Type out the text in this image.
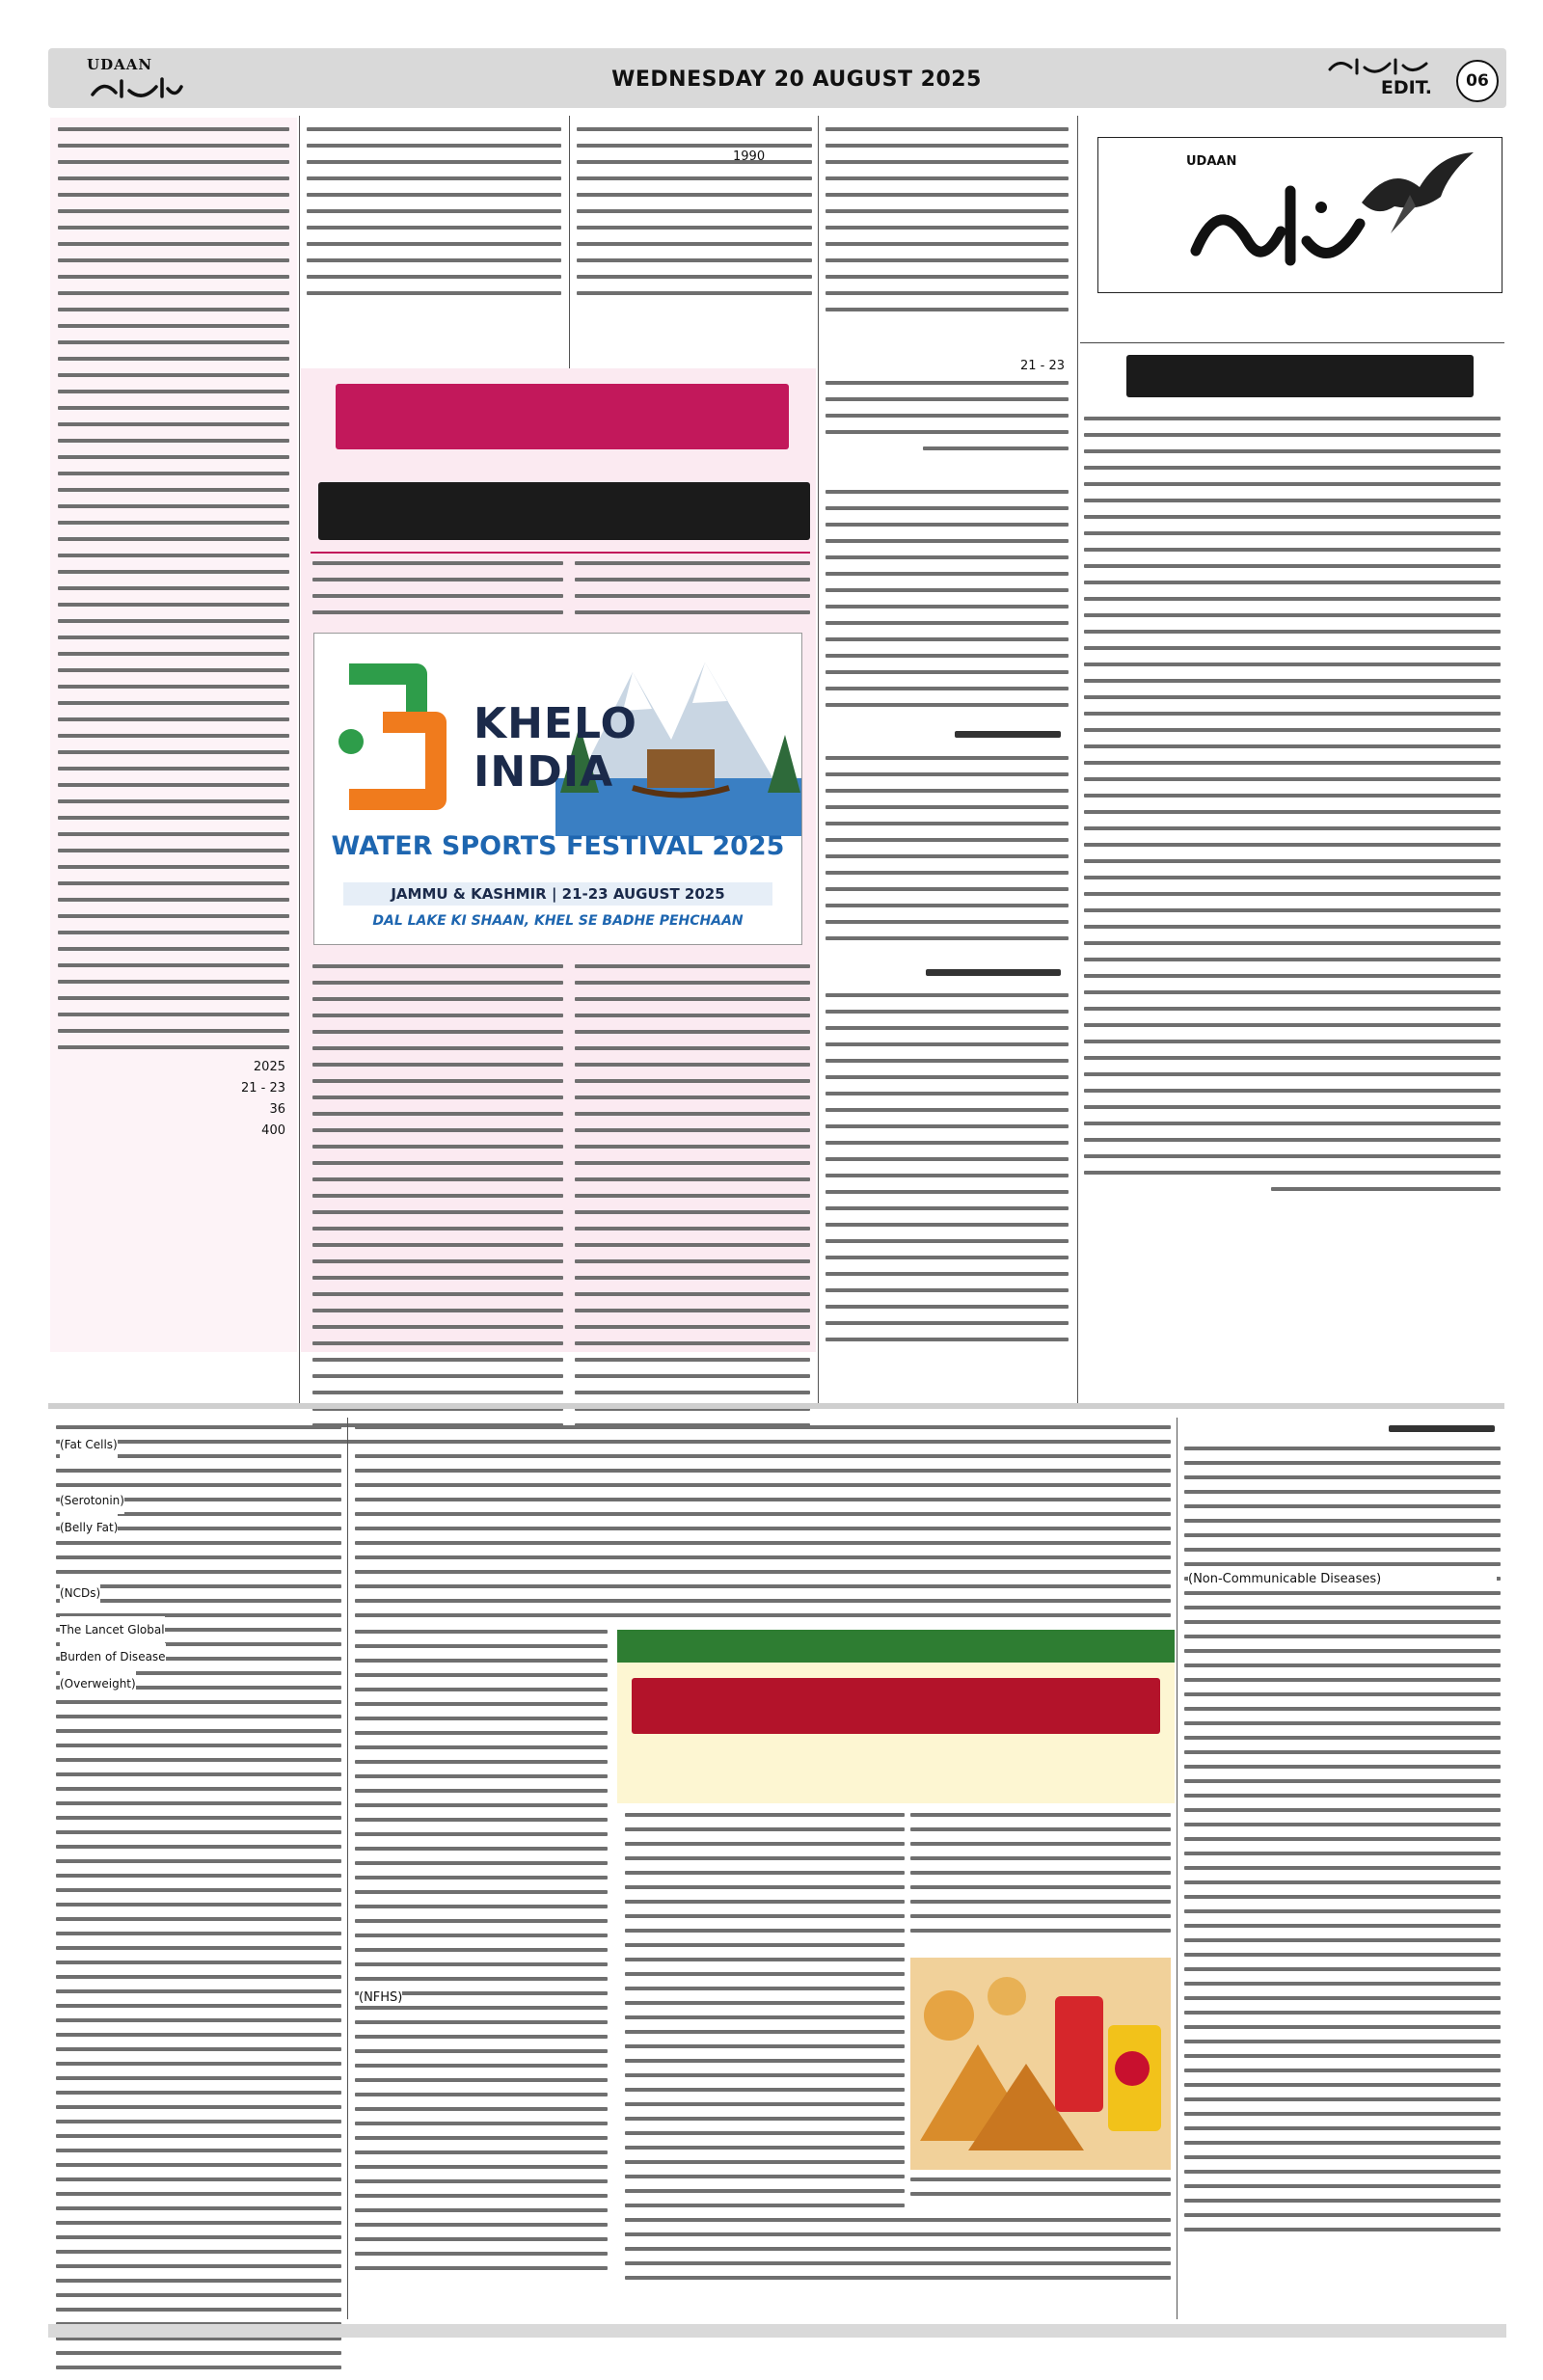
UDAAN
WEDNESDAY 20 AUGUST 2025	EDIT. 06
UDAAN
21 - 23
1990
KHELO
INDIA
WATER SPORTS FESTIVAL 2025
JAMMU & KASHMIR | 21-23 AUGUST 2025
DAL LAKE KI SHAAN, KHEL SE BADHE PEHCHAAN
2025
21 - 23
36
400
(Non-Communicable Diseases)
(NFHS)
(Fat Cells)
(Serotonin)
(Belly Fat)
(NCDs)
The Lancet Global
Burden of Disease
(Overweight)
